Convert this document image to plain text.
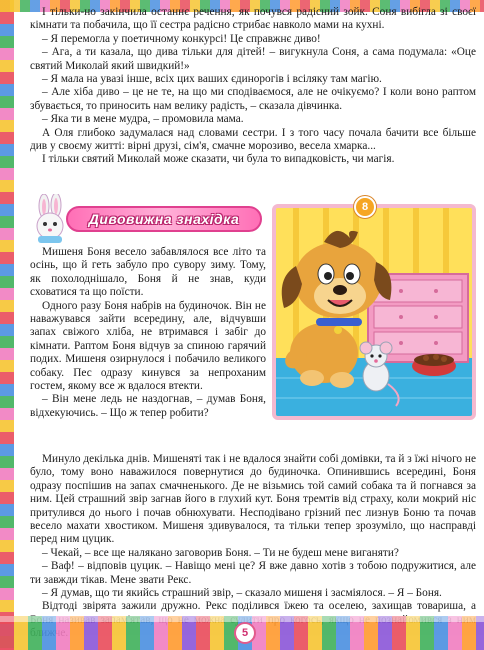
І тільки-но закінчила останнє речення, як почувся радісний зойк. Соня вибігла зі своєї кімнати та побачила, що її сестра радісно стрибає навколо мами на кухні.

– Я перемогла у поетичному конкурсі! Це справжнє диво!

– Ага, а ти казала, що дива тільки для дітей! – вигукнула Соня, а сама подумала: «Оце святий Миколай який швидкий!»

– Я мала на увазі інше, всіх цих ваших єдинорогів і всіляку там магію.

– Але хіба диво – це не те, на що ми сподіваємося, але не очікуємо? І коли воно раптом збувається, то приносить нам велику радість, – сказала дівчинка.

– Яка ти в мене мудра, – промовила мама.

А Оля глибоко задумалася над словами сестри. І з того часу почала бачити все більше див у своєму житті: вірні друзі, сім'я, смачне морозиво, весела хмарка...

І тільки святий Миколай може сказати, чи була то випадковість, чи магія.

Дивовижна знахідка

Мишеня Боня весело забавлялося все літо та осінь, що й геть забуло про сувору зиму. Тому, як похолоднішало, Боня й не знав, куди сховатися та що поїсти.

Одного разу Боня набрів на будиночок. Він не наважувався зайти всередину, але, відчувши запах свіжого хліба, не втримався і забіг до кімнати. Раптом Боня відчув за спиною гарячий подих. Мишеня озирнулося і побачило великого собаку. Пес одразу кинувся за непроханим гостем, якому все ж вдалося втекти.

– Він мене ледь не наздогнав, – думав Боня, відхекуючись. – Що ж тепер робити?

8

Минуло декілька днів. Мишеняті так і не вдалося знайти собі домівки, та й з їжі нічого не було, тому воно наважилося повернутися до будиночка. Опинившись всередині, Боня одразу поспішив на запах смачненького. Де не візьмись той самий собака та й погнався за ним. Цей страшний звір загнав його в глухий кут. Боня тремтів від страху, коли мокрий ніс притулився до нього і почав обнюхувати. Несподівано грізний пес лизнув Боню та почав весело махати хвостиком. Мишеня здивувалося, та тільки тепер зрозуміло, що насправді перед ним цуцик.

– Чекай, – все ще налякано заговорив Боня. – Ти не будеш мене виганяти?

– Ваф! – відповів цуцик. – Навіщо мені це? Я вже давно хотів з тобою подружитися, але ти завжди тікав. Мене звати Рекс.

– Я думав, що ти якийсь страшний звір, – сказало мишеня і засміялося. – Я – Боня.

Відтоді звірята зажили дружно. Рекс поділився їжею та оселею, захищав товариша, а

5
